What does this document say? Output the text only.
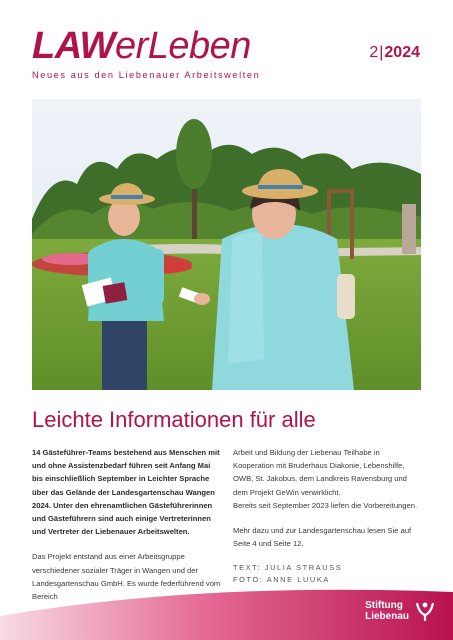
LAWerLeben
Neues aus den Liebenauer Arbeitswelten
2|2024
Leichte Informationen für alle

14 Gästeführer-Teams bestehend aus Menschen mit und ohne Assistenzbedarf führen seit Anfang Mai bis einschließlich September in Leichter Sprache über das Gelände der Landesgartenschau Wangen 2024. Unter den ehrenamtlichen Gästeführerinnen und Gästeführern sind auch einige Vertreterinnen und Vertreter der Liebenauer Arbeitswelten.

Das Projekt entstand aus einer Arbeitsgruppe verschiedener sozialer Träger in Wangen und der Landesgartenschau GmbH. Es wurde federführend vom Bereich

Arbeit und Bildung der Liebenau Teilhabe in Kooperation mit Bruderhaus Diakonie, Lebenshilfe, OWB, St. Jakobus, dem Landkreis Ravensburg und dem Projekt GeWin verwirklicht.

Bereits seit September 2023 liefen die Vorbereitungen.

Mehr dazu und zur Landesgartenschau lesen Sie auf Seite 4 und Seite 12.

TEXT: JULIA STRAUSS
FOTO: ANNE LUUKA
Stiftung
Liebenau
